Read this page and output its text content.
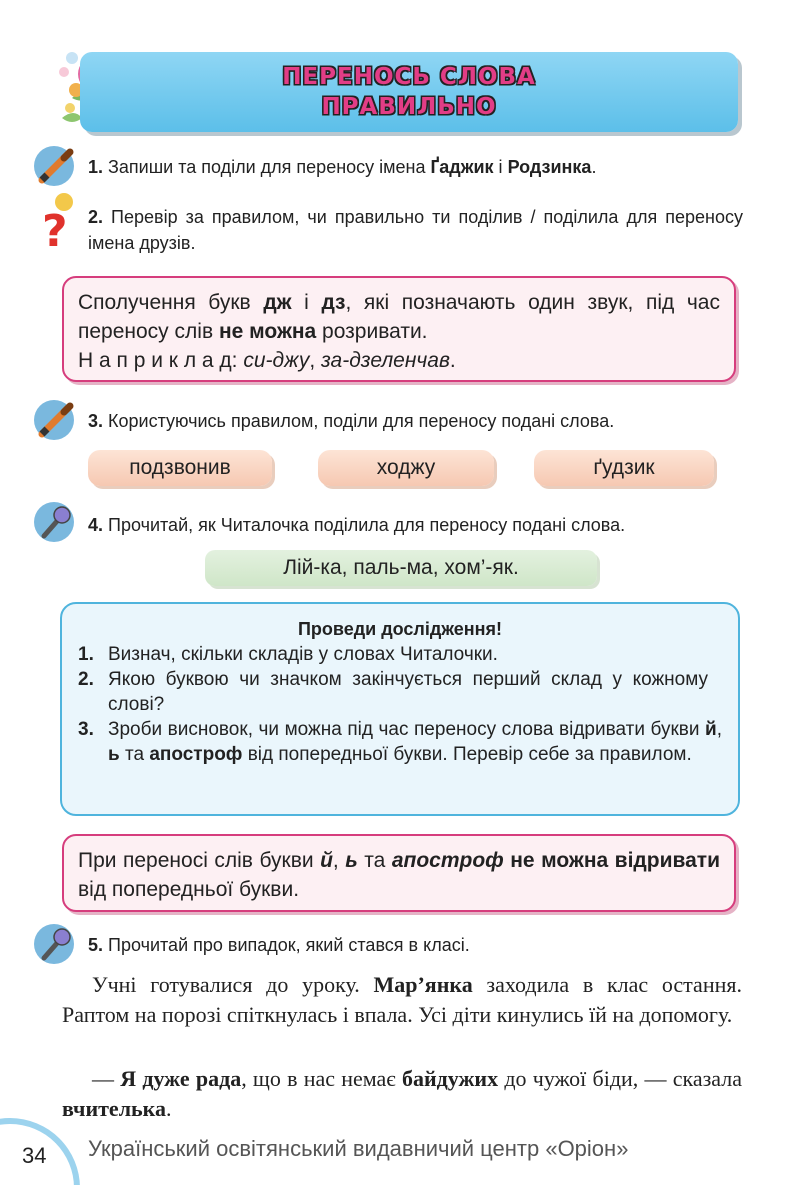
ПЕРЕНОСЬ СЛОВА
ПРАВИЛЬНО
1. Запиши та поділи для переносу імена Ґаджик і Родзинка.
? 2. Перевір за правилом, чи правильно ти поділив / поділила для переносу імена друзів.
Сполучення букв дж і дз, які позначають один звук, під час переносу слів не можна розривати.
Н а п р и к л а д: си-джу, за-дзеленчав.
3. Користуючись правилом, поділи для переносу подані слова.
подзвонив	ходжу	ґудзик
4. Прочитай, як Читалочка поділила для переносу подані слова.
Лій-ка, паль-ма, хом’-як.
Проведи дослідження!
1. Визнач, скільки складів у словах Читалочки.
2. Якою буквою чи значком закінчується перший склад у кожному слові?
3. Зроби висновок, чи можна під час переносу слова відривати букви й, ь та апостроф від попередньої букви. Перевір себе за правилом.
При переносі слів букви й, ь та апостроф не можна відривати від попередньої букви.
5. Прочитай про випадок, який стався в класі.
Учні готувалися до уроку. Мар’янка заходила в клас остання. Раптом на порозі спіткнулась і впала. Усі діти кинулись їй на допомогу.
— Я дуже рада, що в нас немає байдужих до чужої біди, — сказала вчителька.
34 Український освітянський видавничий центр «Оріон»
